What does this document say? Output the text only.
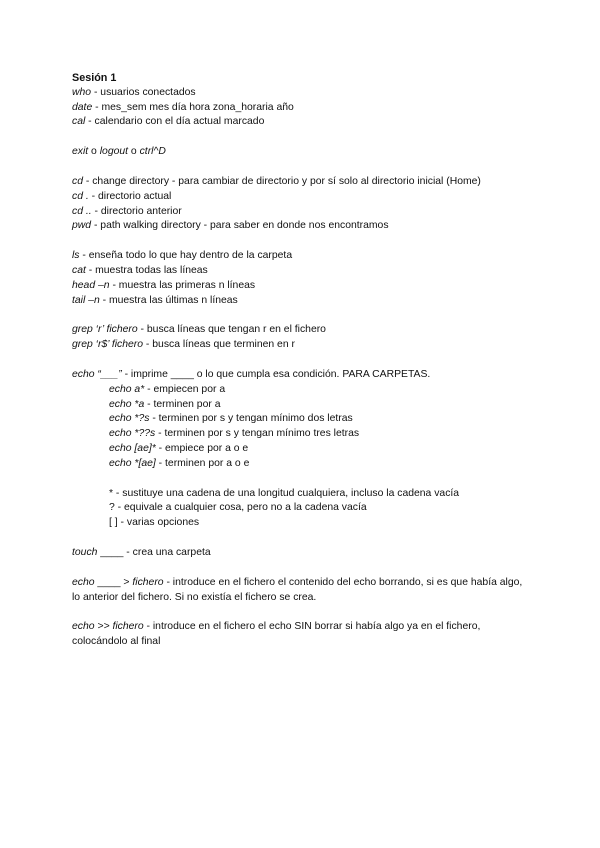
Sesión 1
who - usuarios conectados
date - mes_sem mes día hora zona_horaria año
cal - calendario con el día actual marcado
exit o logout o ctrl^D
cd - change directory - para cambiar de directorio y por sí solo al directorio inicial (Home)
cd . - directorio actual
cd .. - directorio anterior
pwd - path walking directory - para saber en donde nos encontramos
ls - enseña todo lo que hay dentro de la carpeta
cat - muestra todas las líneas
head –n - muestra las primeras n líneas
tail –n - muestra las últimas n líneas
grep ‘r’ fichero - busca líneas que tengan r en el fichero
grep ‘r$’ fichero - busca líneas que terminen en r
echo “___” - imprime ____ o lo que cumpla esa condición. PARA CARPETAS.
echo a* - empiecen por a
echo *a - terminen por a
echo *?s - terminen por s y tengan mínimo dos letras
echo *??s - terminen por s y tengan mínimo tres letras
echo [ae]* - empiece por a o e
echo *[ae] - terminen por a o e
* - sustituye una cadena de una longitud cualquiera, incluso la cadena vacía
? - equivale a cualquier cosa, pero no a la cadena vacía
[ ] - varias opciones
touch ____ - crea una carpeta
echo ____ > fichero - introduce en el fichero el contenido del echo borrando, si es que había algo, lo anterior del fichero. Si no existía el fichero se crea.
echo >> fichero - introduce en el fichero el echo SIN borrar si había algo ya en el fichero, colocándolo al final
